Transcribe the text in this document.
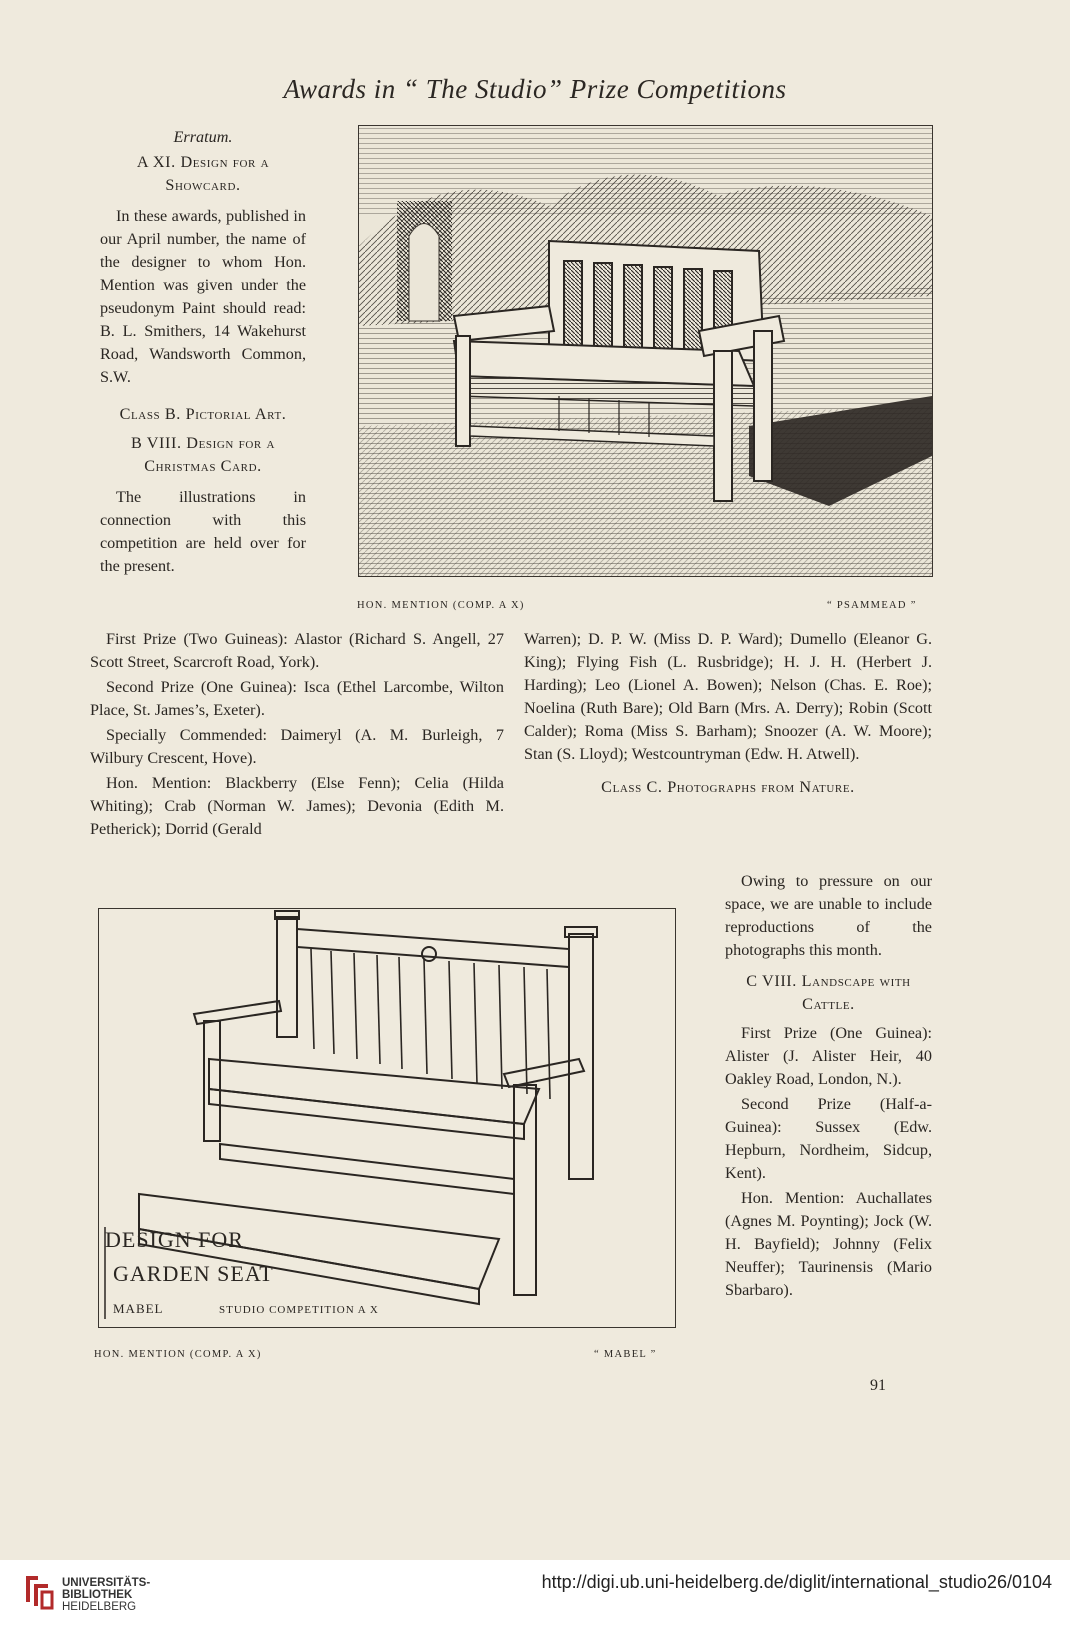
Awards in “ The Studio” Prize Competitions

Erratum.

A XI. Design for a Showcard.

In these awards, published in our April number, the name of the designer to whom Hon. Mention was given under the pseudonym Paint should read: B. L. Smithers, 14 Wakehurst Road, Wandsworth Common, S.W.

Class B. Pictorial Art.

B VIII. Design for a Christmas Card.

The illustrations in connection with this competition are held over for the present.

HON. MENTION (COMP. A X)	“ PSAMMEAD ”

First Prize (Two Guineas): Alastor (Richard S. Angell, 27 Scott Street, Scarcroft Road, York).

Second Prize (One Guinea): Isca (Ethel Larcombe, Wilton Place, St. James’s, Exeter).

Specially Commended: Daimeryl (A. M. Burleigh, 7 Wilbury Crescent, Hove).

Hon. Mention: Blackberry (Else Fenn); Celia (Hilda Whiting); Crab (Norman W. James); Devonia (Edith M. Petherick); Dorrid (Gerald

Warren); D. P. W. (Miss D. P. Ward); Dumello (Eleanor G. King); Flying Fish (L. Rusbridge); H. J. H. (Herbert J. Harding); Leo (Lionel A. Bowen); Nelson (Chas. E. Roe); Noelina (Ruth Bare); Old Barn (Mrs. A. Derry); Robin (Scott Calder); Roma (Miss S. Barham); Snoozer (A. W. Moore); Stan (S. Lloyd); Westcountryman (Edw. H. Atwell).

Class C. Photographs from Nature.

Owing to pressure on our space, we are unable to include reproductions of the photographs this month.

C VIII. Landscape with Cattle.

First Prize (One Guinea): Alister (J. Alister Heir, 40 Oakley Road, London, N.).

Second Prize (Half-a-Guinea): Sussex (Edw. Hepburn, Nordheim, Sidcup, Kent).

Hon. Mention: Auchallates (Agnes M. Poynting); Jock (W. H. Bayfield); Johnny (Felix Neuffer); Taurinensis (Mario Sbarbaro).

DESIGN FOR
GARDEN SEAT
MABEL	STUDIO COMPETITION A X
HON. MENTION (COMP. A X)	“ MABEL ”
91
UNIVERSITÄTS-
BIBLIOTHEK
HEIDELBERG
http://digi.ub.uni-heidelberg.de/diglit/international_studio26/0104
